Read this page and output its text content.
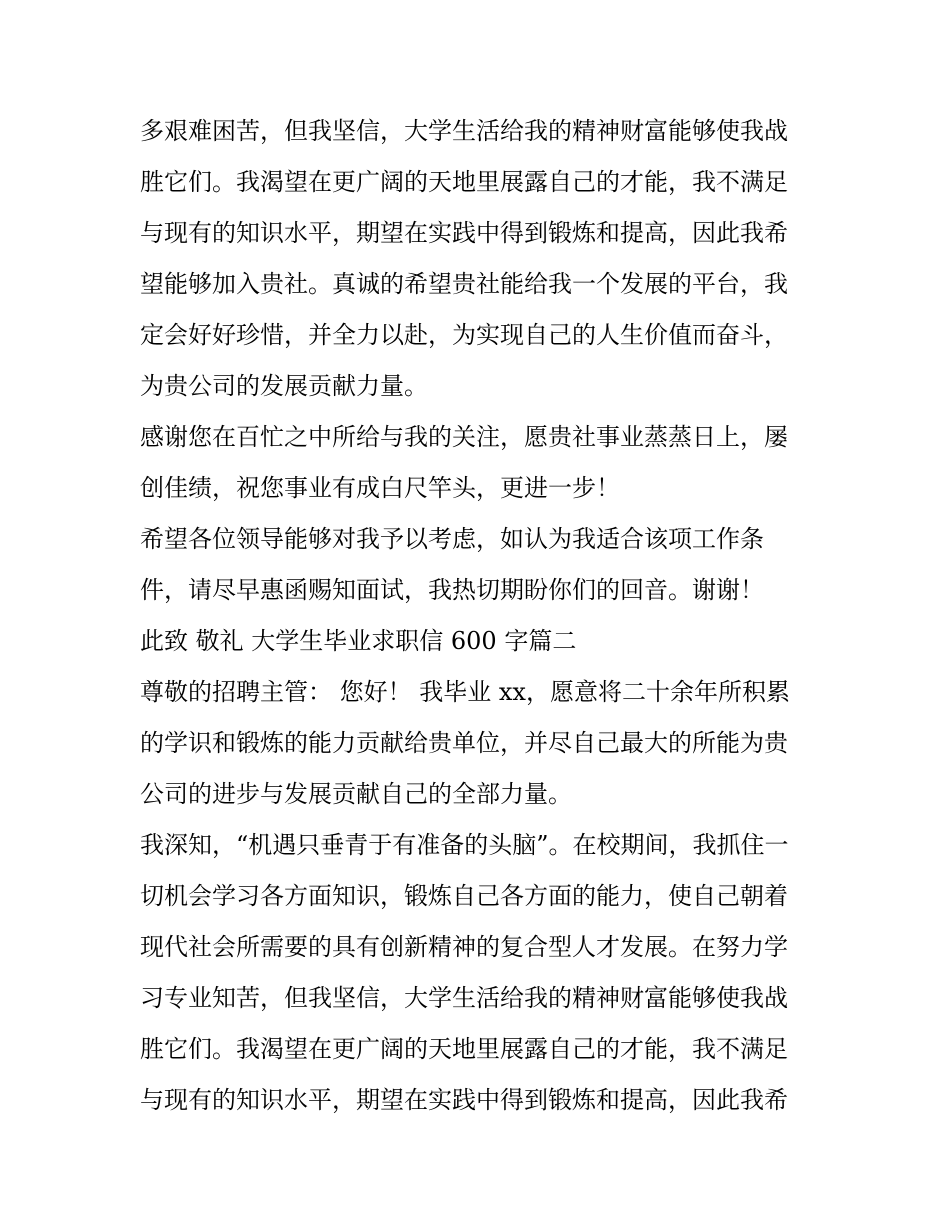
多艰难困苦，但我坚信，大学生活给我的精神财富能够使我战
胜它们。我渴望在更广阔的天地里展露自己的才能，我不满足
与现有的知识水平，期望在实践中得到锻炼和提高，因此我希
望能够加入贵社。真诚的希望贵社能给我一个发展的平台，我
定会好好珍惜，并全力以赴，为实现自己的人生价值而奋斗，
为贵公司的发展贡献力量。
感谢您在百忙之中所给与我的关注，愿贵社事业蒸蒸日上，屡
创佳绩，祝您事业有成白尺竿头，更进一步！
希望各位领导能够对我予以考虑，如认为我适合该项工作条
件，请尽早惠函赐知面试，我热切期盼你们的回音。谢谢！
此致 敬礼 大学生毕业求职信 600 字篇二
尊敬的招聘主管： 您好！ 我毕业 xx，愿意将二十余年所积累
的学识和锻炼的能力贡献给贵单位，并尽自己最大的所能为贵
公司的进步与发展贡献自己的全部力量。
我深知，“机遇只垂青于有准备的头脑”。在校期间，我抓住一
切机会学习各方面知识，锻炼自己各方面的能力，使自己朝着
现代社会所需要的具有创新精神的复合型人才发展。在努力学
习专业知苦，但我坚信，大学生活给我的精神财富能够使我战
胜它们。我渴望在更广阔的天地里展露自己的才能，我不满足
与现有的知识水平，期望在实践中得到锻炼和提高，因此我希
